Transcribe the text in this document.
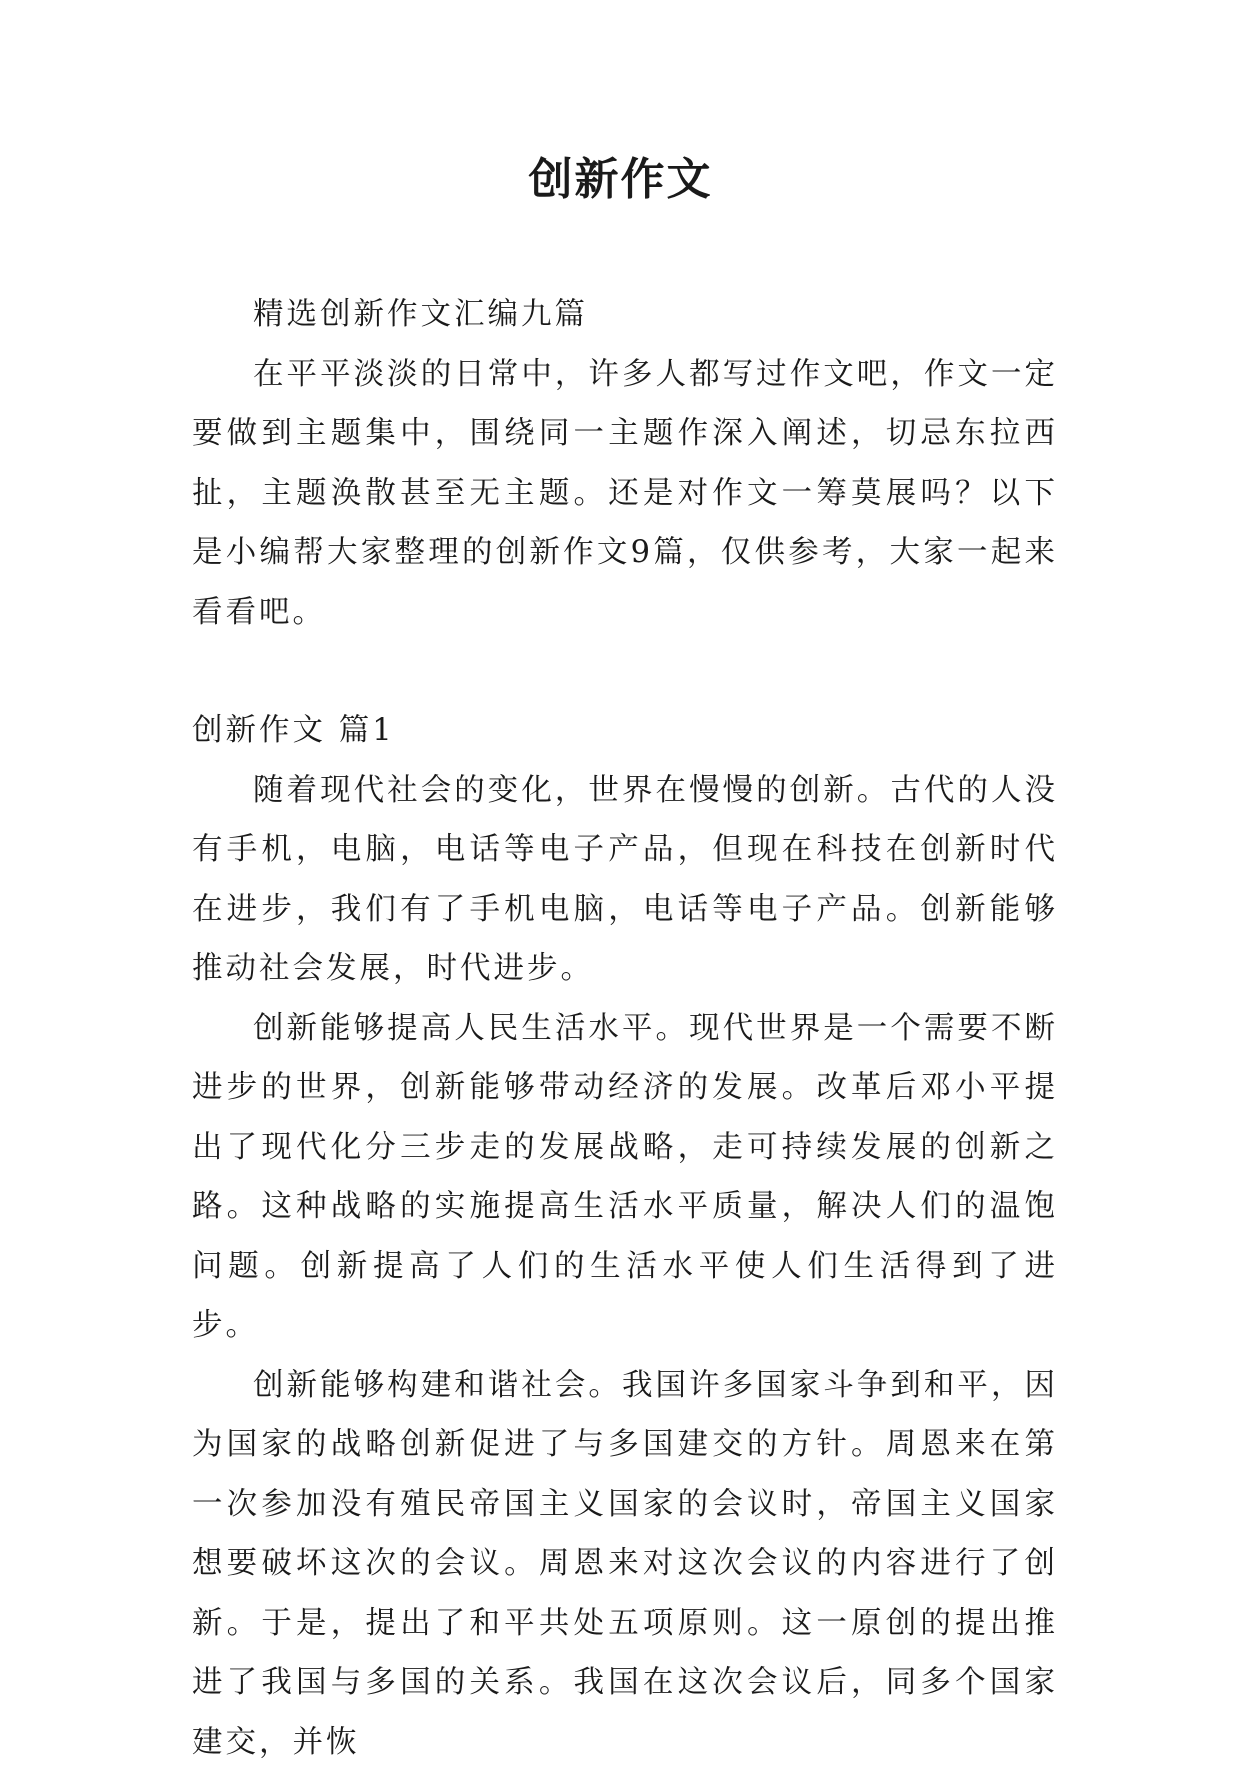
创新作文

精选创新作文汇编九篇

在平平淡淡的日常中，许多人都写过作文吧，作文一定要做到主题集中，围绕同一主题作深入阐述，切忌东拉西扯，主题涣散甚至无主题。还是对作文一筹莫展吗？以下是小编帮大家整理的创新作文9篇，仅供参考，大家一起来看看吧。

创新作文 篇1

随着现代社会的变化，世界在慢慢的创新。古代的人没有手机，电脑，电话等电子产品，但现在科技在创新时代在进步，我们有了手机电脑，电话等电子产品。创新能够推动社会发展，时代进步。

创新能够提高人民生活水平。现代世界是一个需要不断进步的世界，创新能够带动经济的发展。改革后邓小平提出了现代化分三步走的发展战略，走可持续发展的创新之路。这种战略的实施提高生活水平质量，解决人们的温饱问题。创新提高了人们的生活水平使人们生活得到了进步。

创新能够构建和谐社会。我国许多国家斗争到和平，因为国家的战略创新促进了与多国建交的方针。周恩来在第一次参加没有殖民帝国主义国家的会议时，帝国主义国家想要破坏这次的会议。周恩来对这次会议的内容进行了创新。于是，提出了和平共处五项原则。这一原创的提出推进了我国与多国的关系。我国在这次会议后，同多个国家建交，并恢
